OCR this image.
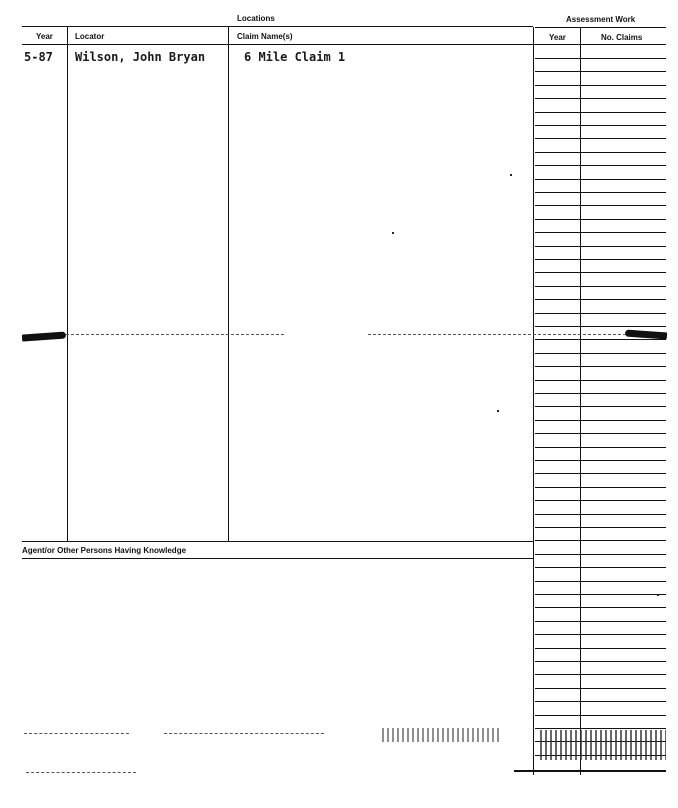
Locations	Assessment Work
Year	Locator	Claim Name(s)	Year	No. Claims
5-87 Wilson, John Bryan	6 Mile Claim 1
Agent/or Other Persons Having Knowledge
